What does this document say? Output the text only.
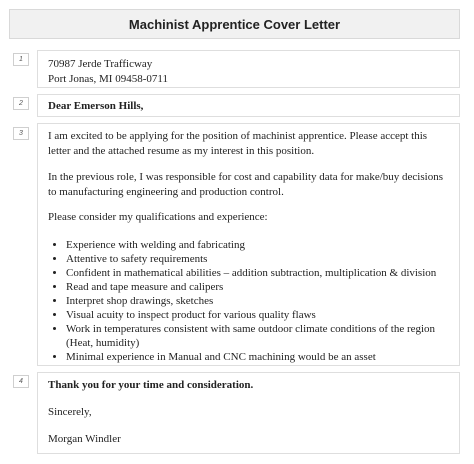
Machinist Apprentice Cover Letter
1	70987 Jerde Trafficway

Port Jonas, MI 09458-0711

2	Dear Emerson Hills,

3	I am excited to be applying for the position of machinist apprentice. Please accept this letter and the attached resume as my interest in this position.

In the previous role, I was responsible for cost and capability data for make/buy decisions to manufacturing engineering and production control.

Please consider my qualifications and experience:

• Experience with welding and fabricating
• Attentive to safety requirements
• Confident in mathematical abilities – addition subtraction, multiplication & division
• Read and tape measure and calipers
• Interpret shop drawings, sketches
• Visual acuity to inspect product for various quality flaws
• Work in temperatures consistent with same outdoor climate conditions of the region (Heat, humidity)
• Minimal experience in Manual and CNC machining would be an asset
4	Thank you for your time and consideration.

Sincerely,

Morgan Windler
